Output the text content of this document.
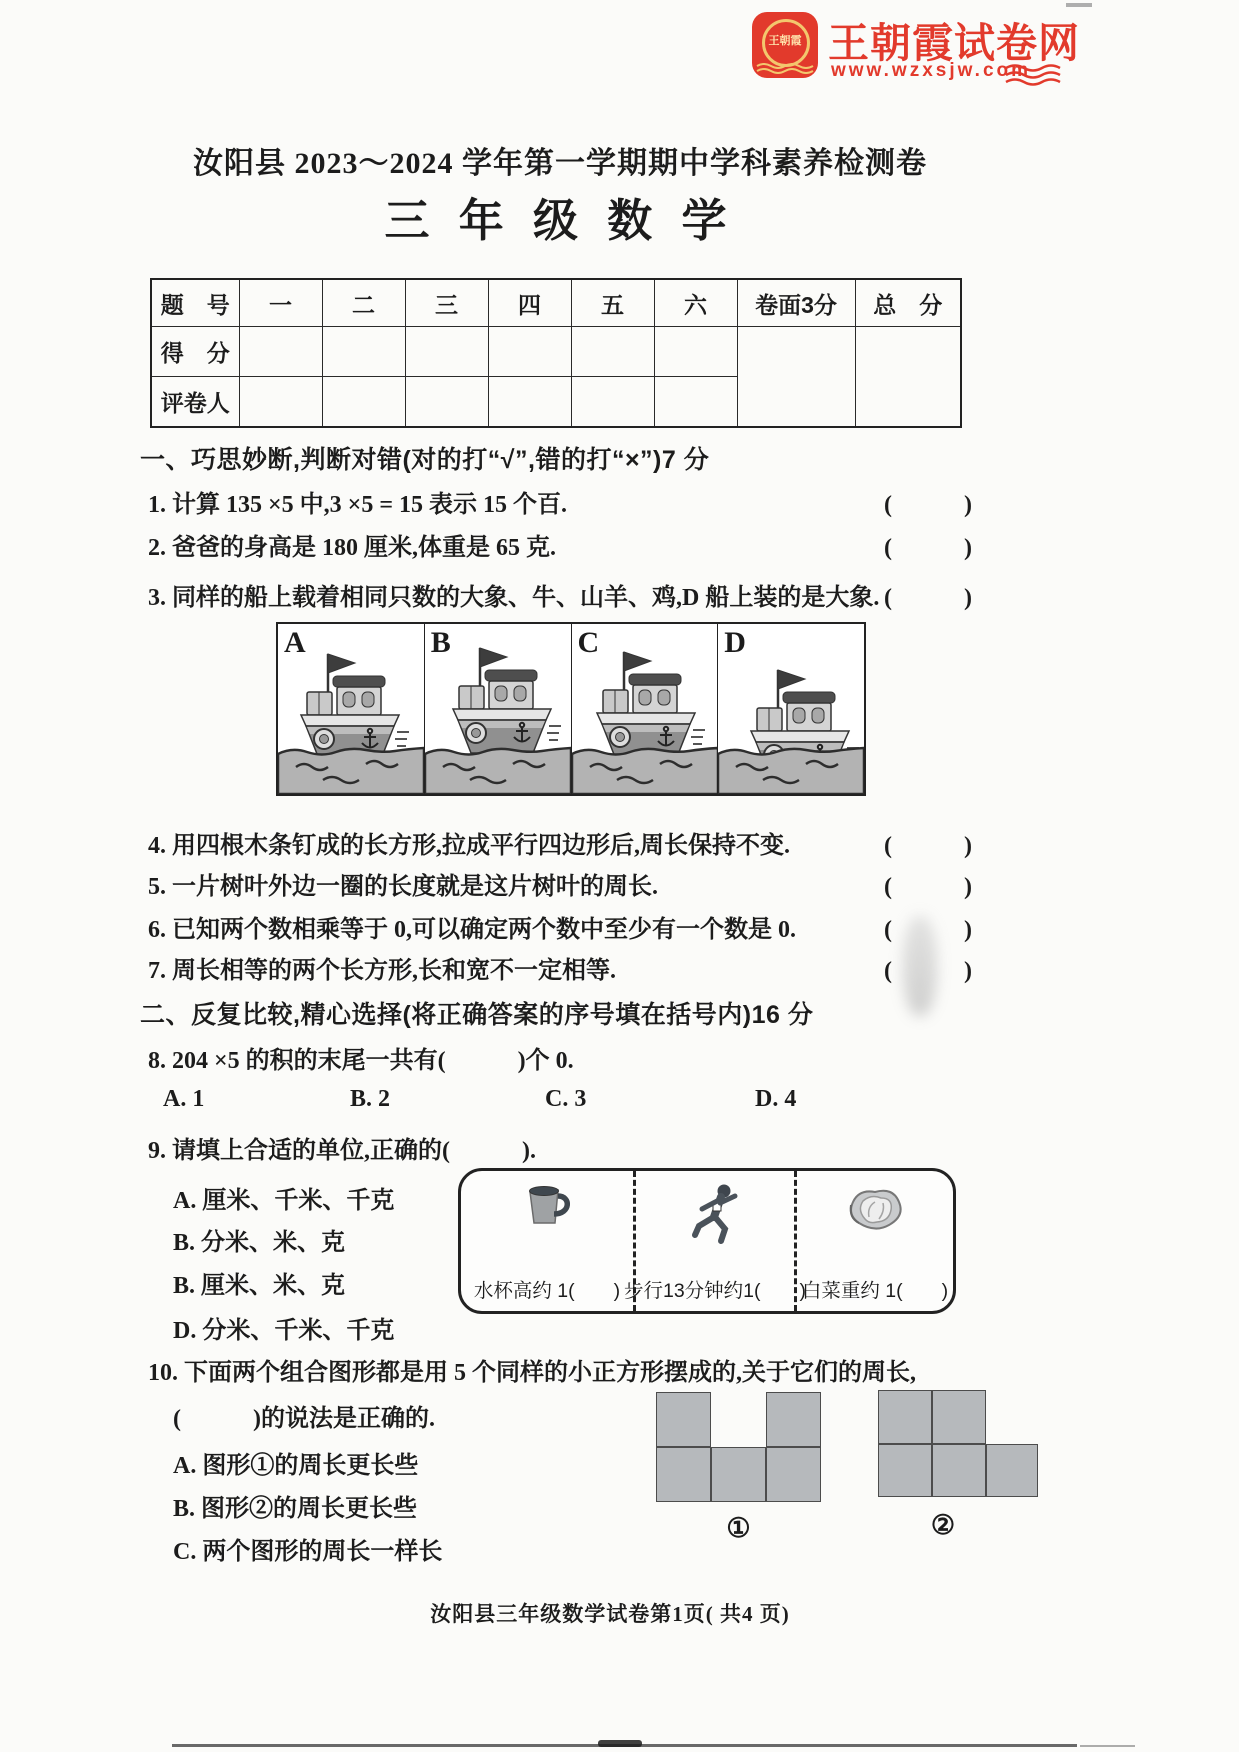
王朝霞 王朝霞试卷网
www.wzxsjw.com
汝阳县 2023～2024 学年第一学期期中学科素养检测卷
三 年 级 数 学
题　号	一	二	三	四	五	六	卷面3分	总　分
得　分								
评卷人								
一、巧思妙断,判断对错(对的打“√”,错的打“×”)7 分
1. 计算 135 ×5 中,3 ×5 = 15 表示 15 个百.	(　　　)
2. 爸爸的身高是 180 厘米,体重是 65 克.	(　　　)
3. 同样的船上载着相同只数的大象、牛、山羊、鸡,D 船上装的是大象. (　　　)
A	B	C	D
4. 用四根木条钉成的长方形,拉成平行四边形后,周长保持不变.	(　　　)
5. 一片树叶外边一圈的长度就是这片树叶的周长.	(　　　)
6. 已知两个数相乘等于 0,可以确定两个数中至少有一个数是 0.	(　　　)
7. 周长相等的两个长方形,长和宽不一定相等.	(　　　)
二、反复比较,精心选择(将正确答案的序号填在括号内)16 分
8. 204 ×5 的积的末尾一共有(　　　)个 0.
A. 1	B. 2	C. 3	D. 4
9. 请填上合适的单位,正确的(　　　).
A. 厘米、千米、千克
B. 分米、米、克
B. 厘米、米、克
D. 分米、千米、千克
水杯高约 1(　　) 步行13分钟约1(　　)
白菜重约 1(　　)
10. 下面两个组合图形都是用 5 个同样的小正方形摆成的,关于它们的周长,
(　　　)的说法是正确的.
A. 图形①的周长更长些
B. 图形②的周长更长些
C. 两个图形的周长一样长
①	②
汝阳县三年级数学试卷第1页( 共4 页)
